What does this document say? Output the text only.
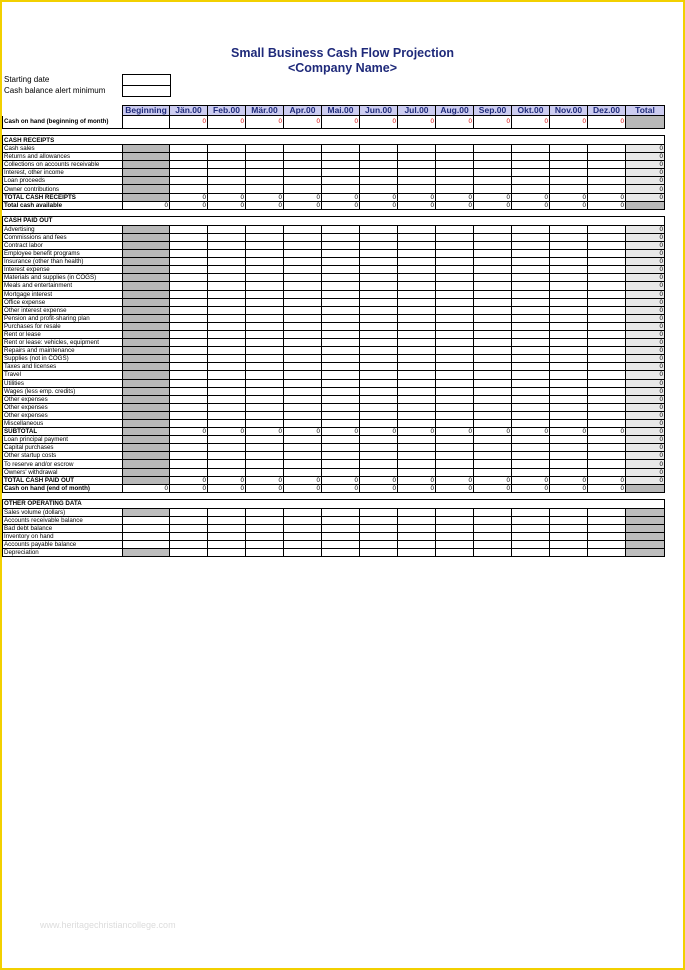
Small Business Cash Flow Projection
<Company Name>
Starting date
Cash balance alert minimum
	Beginning	Jän.00	Feb.00	Mär.00	Apr.00	Mai.00	Jun.00	Jul.00	Aug.00	Sep.00	Okt.00	Nov.00	Dez.00	Total
Cash on hand (beginning of month)		0	0	0	0	0	0	0	0	0	0	0	0	

CASH RECEIPTS														
Cash sales														0
Returns and allowances														0
Collections on accounts receivable														0
Interest, other income														0
Loan proceeds														0
Owner contributions														0
TOTAL CASH RECEIPTS		0	0	0	0	0	0	0	0	0	0	0	0	0
Total cash available	0	0	0	0	0	0	0	0	0	0	0	0	0	

CASH PAID OUT														
Advertising														0
Commissions and fees														0
Contract labor														0
Employee benefit programs														0
Insurance (other than health)														0
Interest expense														0
Materials and supplies (in COGS)														0
Meals and entertainment														0
Mortgage interest														0
Office expense														0
Other interest expense														0
Pension and profit-sharing plan														0
Purchases for resale														0
Rent or lease														0
Rent or lease: vehicles, equipment														0
Repairs and maintenance														0
Supplies (not in COGS)														0
Taxes and licenses														0
Travel														0
Utilities														0
Wages (less emp. credits)														0
Other expenses														0
Other expenses														0
Other expenses														0
Miscellaneous														0
SUBTOTAL		0	0	0	0	0	0	0	0	0	0	0	0	0
Loan principal payment														0
Capital purchases														0
Other startup costs														0
To reserve and/or escrow														0
Owners' withdrawal														0
TOTAL CASH PAID OUT		0	0	0	0	0	0	0	0	0	0	0	0	0
Cash on hand (end of month)	0	0	0	0	0	0	0	0	0	0	0	0	0	

OTHER OPERATING DATA														
Sales volume (dollars)														
Accounts receivable balance														
Bad debt balance														
Inventory on hand														
Accounts payable balance														
Depreciation														
www.heritagechristiancollege.com
